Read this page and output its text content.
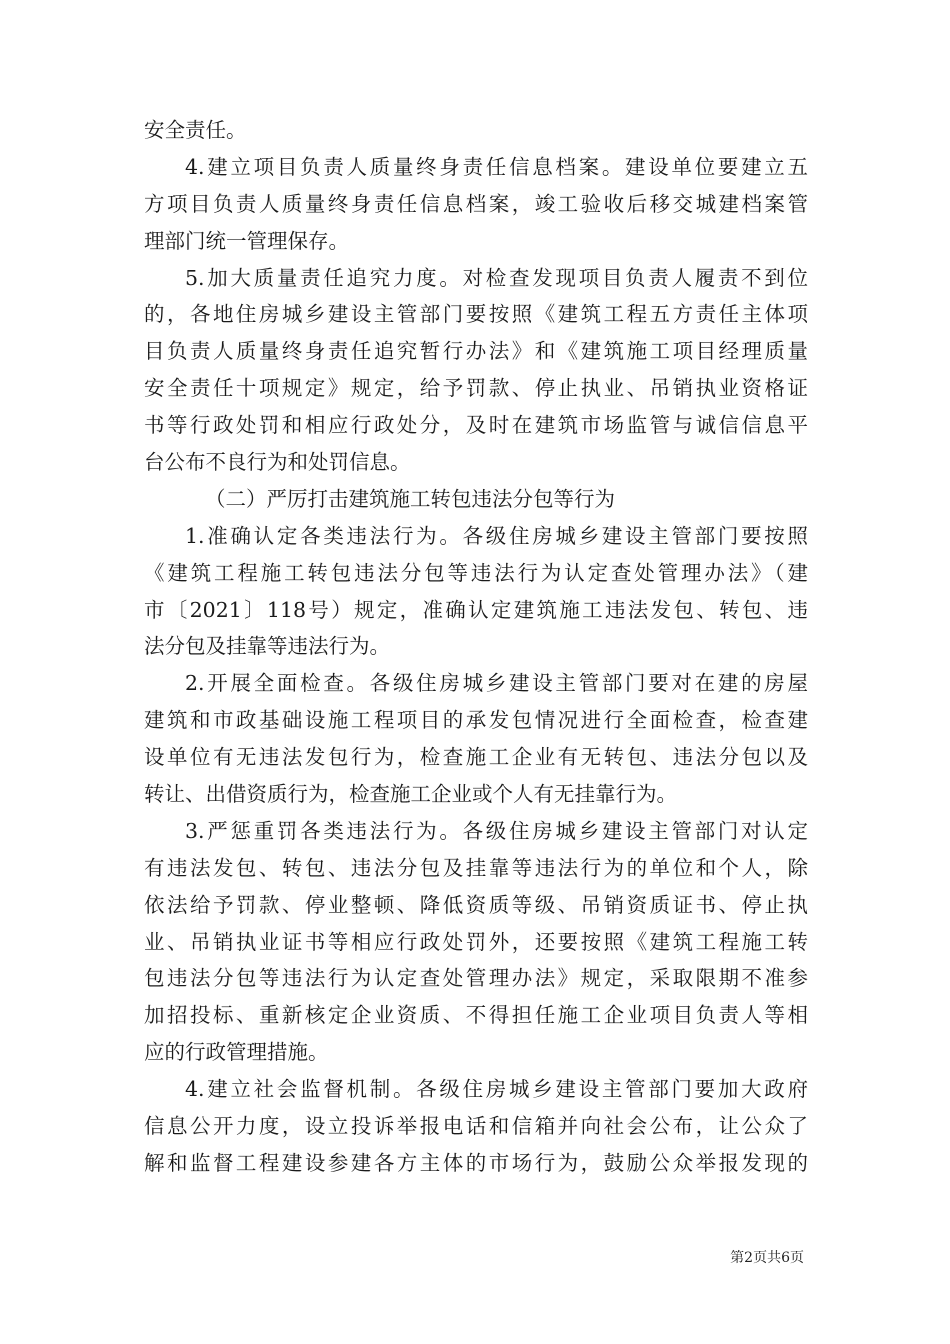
安全责任。
4.建立项目负责人质量终身责任信息档案。建设单位要建立五
方项目负责人质量终身责任信息档案，竣工验收后移交城建档案管
理部门统一管理保存。
5.加大质量责任追究力度。对检查发现项目负责人履责不到位
的，各地住房城乡建设主管部门要按照《建筑工程五方责任主体项
目负责人质量终身责任追究暂行办法》和《建筑施工项目经理质量
安全责任十项规定》规定，给予罚款、停止执业、吊销执业资格证
书等行政处罚和相应行政处分，及时在建筑市场监管与诚信信息平
台公布不良行为和处罚信息。
（二）严厉打击建筑施工转包违法分包等行为
1.准确认定各类违法行为。各级住房城乡建设主管部门要按照
《建筑工程施工转包违法分包等违法行为认定查处管理办法》（建
市〔2021〕118号）规定，准确认定建筑施工违法发包、转包、违
法分包及挂靠等违法行为。
2.开展全面检查。各级住房城乡建设主管部门要对在建的房屋
建筑和市政基础设施工程项目的承发包情况进行全面检查，检查建
设单位有无违法发包行为，检查施工企业有无转包、违法分包以及
转让、出借资质行为，检查施工企业或个人有无挂靠行为。
3.严惩重罚各类违法行为。各级住房城乡建设主管部门对认定
有违法发包、转包、违法分包及挂靠等违法行为的单位和个人，除
依法给予罚款、停业整顿、降低资质等级、吊销资质证书、停止执
业、吊销执业证书等相应行政处罚外，还要按照《建筑工程施工转
包违法分包等违法行为认定查处管理办法》规定，采取限期不准参
加招投标、重新核定企业资质、不得担任施工企业项目负责人等相
应的行政管理措施。
4.建立社会监督机制。各级住房城乡建设主管部门要加大政府
信息公开力度，设立投诉举报电话和信箱并向社会公布，让公众了
解和监督工程建设参建各方主体的市场行为，鼓励公众举报发现的
第2页共6页
